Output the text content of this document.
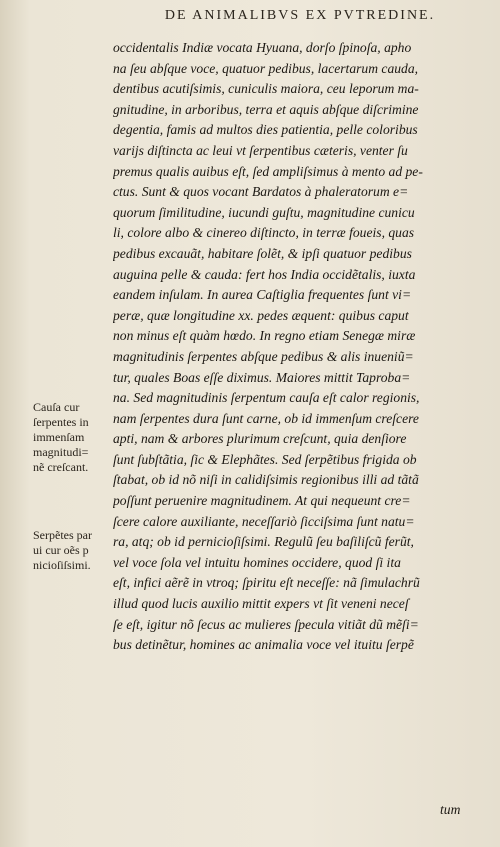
DE ANIMALIBVS EX PVTREDINE.
occidentalis Indiæ vocata Hyuana, dorſo ſpinoſa, apho
na ſeu abſque voce, quatuor pedibus, lacertarum cauda,
dentibus acutiſsimis, cuniculis maiora, ceu leporum ma-
gnitudine, in arboribus, terra et aquis abſque diſcrimine
degentia, famis ad multos dies patientia, pelle coloribus
varijs diſtincta ac leui vt ſerpentibus cæteris, venter ſu
premus qualis auibus eſt, ſed ampliſsimus à mento ad pe-
ctus. Sunt & quos vocant Bardatos à phaleratorum e=
quorum ſimilitudine, iucundi guſtu, magnitudine cunicu
li, colore albo & cinereo diſtincto, in terræ foueis, quas
pedibus excauãt, habitare ſolẽt, & ipſi quatuor pedibus
auguina pelle & cauda: fert hos India occidẽtalis, iuxta
eandem inſulam. In aurea Caſtiglia frequentes ſunt vi=
peræ, quæ longitudine xx. pedes æquent: quibus caput
non minus eſt quàm hœdo. In regno etiam Senegæ miræ
magnitudinis ſerpentes abſque pedibus & alis inueniũ=
tur, quales Boas eſſe diximus. Maiores mittit Taproba=
na. Sed magnitudinis ſerpentum cauſa eſt calor regionis,
nam ſerpentes dura ſunt carne, ob id immenſum creſcere
apti, nam & arbores plurimum creſcunt, quia denſiore
ſunt ſubſtãtia, ſic & Elephãtes. Sed ſerpẽtibus frigida ob
ſtabat, ob id nõ niſi in calidiſsimis regionibus illi ad tãtã
poſſunt peruenire magnitudinem. At qui nequeunt cre=
ſcere calore auxiliante, neceſſariò ſicciſsima ſunt natu=
ra, atq; ob id pernicioſiſsimi. Regulũ ſeu baſiliſcũ ferũt,
vel voce ſola vel intuitu homines occidere, quod ſi ita
eſt, infici aẽrẽ in vtroq; ſpiritu eſt neceſſe: nã ſimulachrũ
illud quod lucis auxilio mittit expers vt ſit veneni neceſ
ſe eſt, igitur nõ ſecus ac mulieres ſpecula vitiãt dũ mẽſi=
bus detinẽtur, homines ac animalia voce vel ituitu ſerpẽ
tum
Cauſa cur
ſerpentes in
immenſam
magnitudi=
nẽ creſcant.
Serpẽtes par
ui cur oẽs p
nicioſiſsimi.
